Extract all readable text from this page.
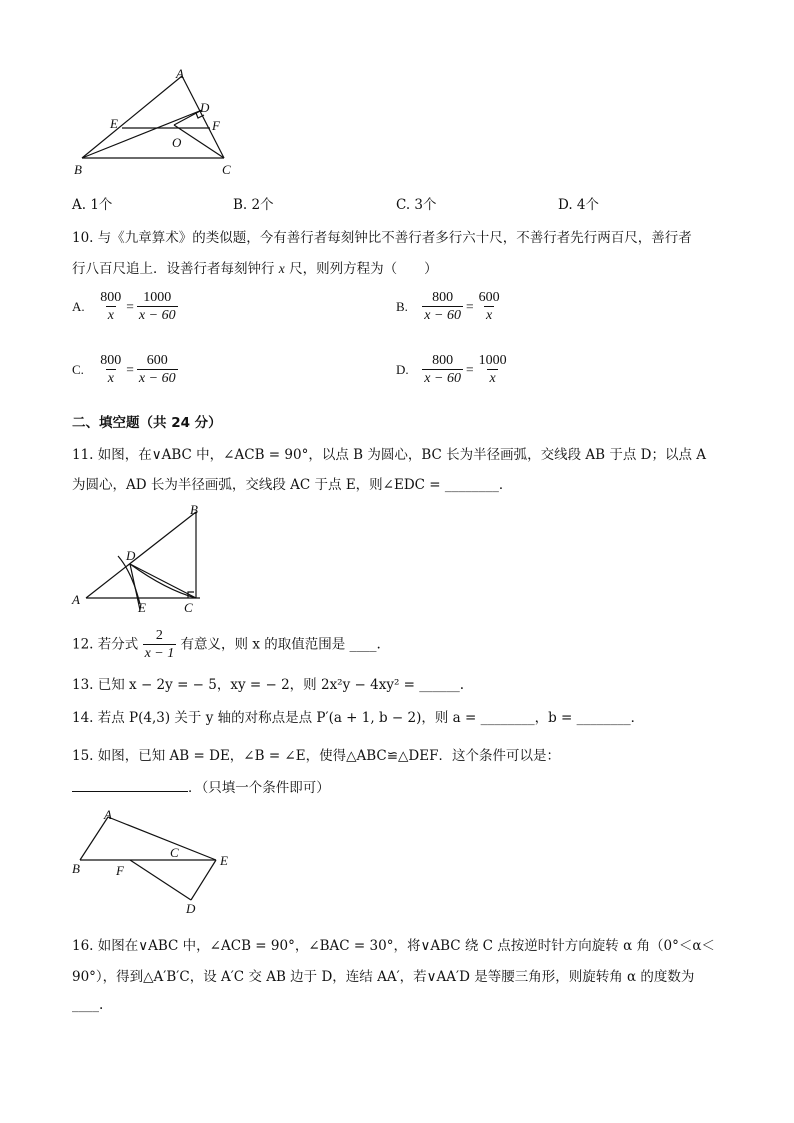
A
B	C
D
E	F
O
A. 1个	B. 2个	C. 3个	D. 4个
10. 与《九章算术》的类似题，今有善行者每刻钟比不善行者多行六十尺，不善行者先行两百尺，善行者
行八百尺追上．设善行者每刻钟行 x 尺，则列方程为（　　）
A. $\frac{800}{x} = \frac{1000}{x - 60}$	B. $\frac{800}{x - 60} = \frac{600}{x}$
C. $\frac{800}{x} = \frac{600}{x - 60}$	D. $\frac{800}{x - 60} = \frac{1000}{x}$
二、填空题（共 24 分）
11. 如图，在∨ABC 中，∠ACB = 90°，以点 B 为圆心，BC 长为半径画弧，交线段 AB 于点 D；以点 A
为圆心，AD 长为半径画弧，交线段 AC 于点 E，则∠EDC = ________．
B
A
C
D
E
12. 若分式 $\frac{2}{x - 1}$ 有意义，则 x 的取值范围是 ____.
13. 已知 x − 2y = − 5，xy = − 2，则 2x²y − 4xy² = ______.
14. 若点 P(4,3) 关于 y 轴的对称点是点 P′(a + 1, b − 2)，则 a = ________，b = ________．
15. 如图，已知 AB = DE，∠B = ∠E，使得△ABC≌△DEF．这个条件可以是：
．（只填一个条件即可）
A
B
C
D
E
F
16. 如图在∨ABC 中，∠ACB = 90°，∠BAC = 30°，将∨ABC 绕 C 点按逆时针方向旋转 α 角（0°＜α＜
90°），得到△A′B′C，设 A′C 交 AB 边于 D，连结 AA′，若∨AA′D 是等腰三角形，则旋转角 α 的度数为
____.
